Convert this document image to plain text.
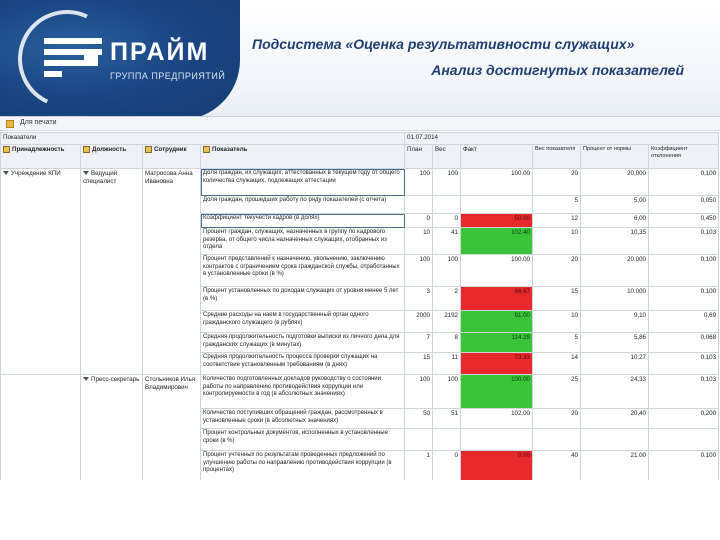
ПРАЙМ
ГРУППА ПРЕДПРИЯТИЙ
Подсистема «Оценка результативности служащих»
Анализ достигнутых показателей
Для печати
Показатели				01.07.2014					
Принадлежность	Должность	Сотрудник	Показатель	План	Вес	Факт	Вес показателя	Процент от нормы	Коэффициент отклонения
Учреждение КПИ	Ведущий специалист	Матросова Анна Ивановна	Доля граждан, их служащих, аттестованных в текущем году от общего количества служащих, подлежащих аттестации	100	100	100.00	20	20,000	0,100
			Доля граждан, прошедших работу по ряду показателей (с отчета)				5	5,00	0,050
			Коэффициент текучести кадров (в долях)	0	0	50.00	12	6,00	0,450
			Процент граждан, служащих, назначенных в группу по кадрового резерва, от общего числа назначенных служащих, отобранных из отдела	10	41	102.40	10	10,35	0,103
			Процент представлений к назначению, увольнению, заключению контрактов с ограничением срока гражданской службы, отработанных в установленные сроки (в %)	100	100	100.00	20	20,000	0,100
			Процент установленных по доходам служащих от уровня менее 5 лет (в %)	3	2	66.67	15	10.000	0.100
			Средние расходы на наем в государственный орган одного гражданского служащего (в рублях)	2000	2192	91.00	10	9,10	0,69
			Средняя продолжительность подготовки выписки из личного дела для гражданских служащих (в минутах)	7	8	114.29	5	5,86	0,068
			Средняя продолжительность процесса проверки служащих на соответствие установленным требованиям (в днях)	15	11	73.33	14	10.27	0.103
	Пресс-секретарь	Стольников Илья Владимирович	Количество подготовленных докладов руководству о состоянии работы по направлению противодействия коррупции или контролируемости в год (в абсолютных значениях)	100	100	100.00	25	24,33	0,103
			Количество поступивших обращений граждан, рассмотренных в установленные сроки (в абсолютных значениях)	50	51	102.00	20	20,40	0,200
			Процент контрольных документов, исполненных в установленные сроки (в %)						
			Процент учтенных по результатам проведенных предложений по улучшению работы по направлению противодействия коррупции (в процентах)	1	0	0.00	40	21.00	0.100
